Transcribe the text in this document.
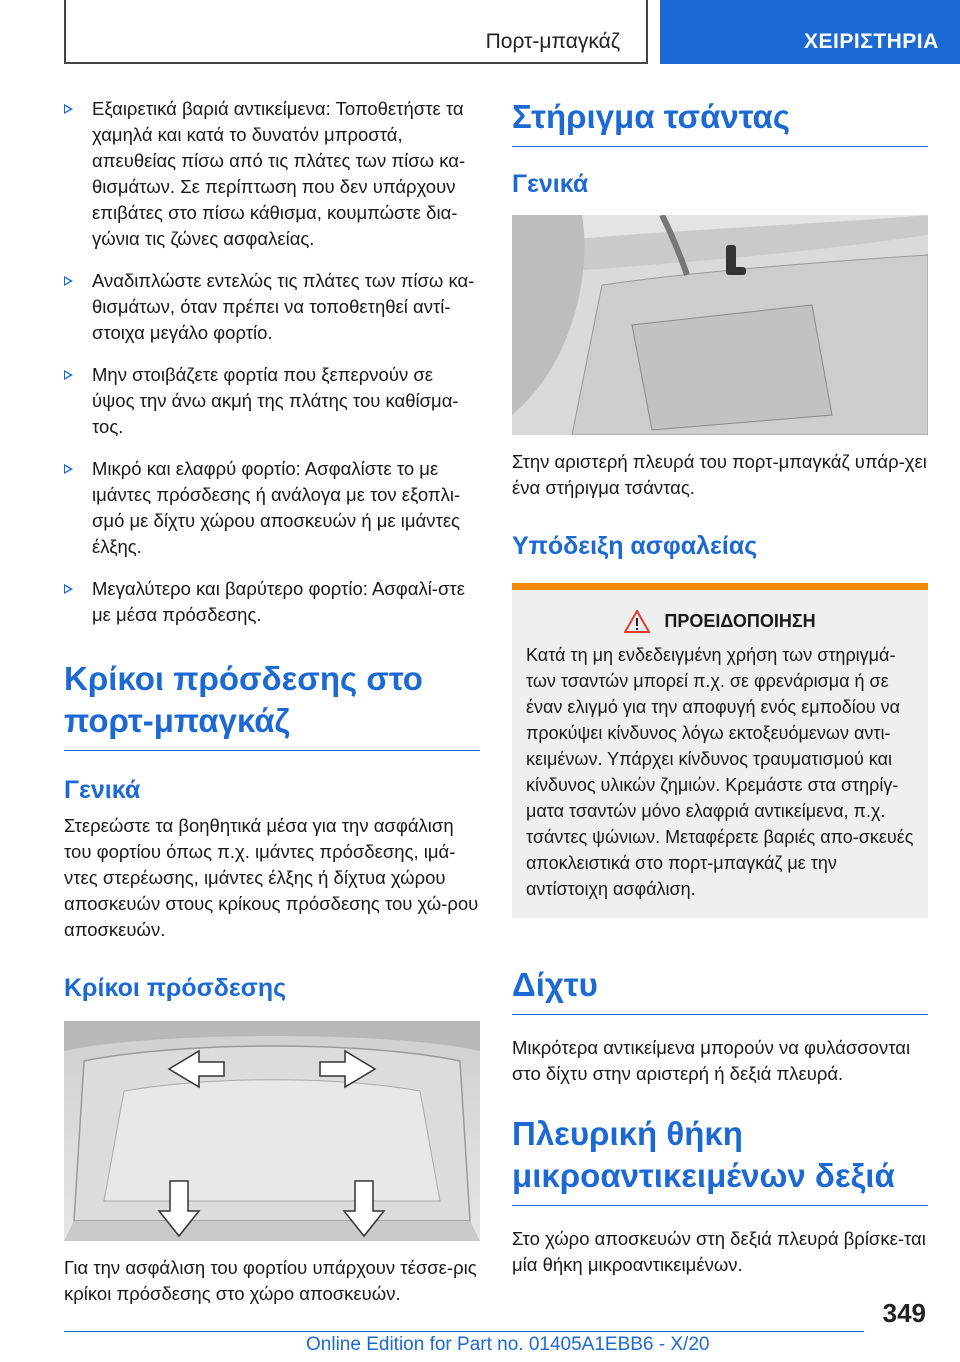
Πορτ-μπαγκάζ	ΧΕΙΡΙΣΤΗΡΙΑ
Εξαιρετικά βαριά αντικείμενα: Τοποθετήστε τα χαμηλά και κατά το δυνατόν μπροστά, απευθείας πίσω από τις πλάτες των πίσω κα-θισμάτων. Σε περίπτωση που δεν υπάρχουν επιβάτες στο πίσω κάθισμα, κουμπώστε δια-γώνια τις ζώνες ασφαλείας.
Αναδιπλώστε εντελώς τις πλάτες των πίσω κα-θισμάτων, όταν πρέπει να τοποθετηθεί αντί-στοιχα μεγάλο φορτίο.
Μην στοιβάζετε φορτία που ξεπερνούν σε ύψος την άνω ακμή της πλάτης του καθίσμα-τος.
Μικρό και ελαφρύ φορτίο: Ασφαλίστε το με ιμάντες πρόσδεσης ή ανάλογα με τον εξοπλι-σμό με δίχτυ χώρου αποσκευών ή με ιμάντες έλξης.
Μεγαλύτερο και βαρύτερο φορτίο: Ασφαλί-στε με μέσα πρόσδεσης.
Κρίκοι πρόσδεσης στο πορτ-μπαγκάζ
Γενικά

Στερεώστε τα βοηθητικά μέσα για την ασφάλιση του φορτίου όπως π.χ. ιμάντες πρόσδεσης, ιμά-ντες στερέωσης, ιμάντες έλξης ή δίχτυα χώρου αποσκευών στους κρίκους πρόσδεσης του χώ-ρου αποσκευών.

Κρίκοι πρόσδεσης

Για την ασφάλιση του φορτίου υπάρχουν τέσσε-ρις κρίκοι πρόσδεσης στο χώρο αποσκευών.

Στήριγμα τσάντας
Γενικά

Στην αριστερή πλευρά του πορτ-μπαγκάζ υπάρ-χει ένα στήριγμα τσάντας.

Υπόδειξη ασφαλείας
ΠΡΟΕΙΔΟΠΟΙΗΣΗ
Κατά τη μη ενδεδειγμένη χρήση των στηριγμά-των τσαντών μπορεί π.χ. σε φρενάρισμα ή σε έναν ελιγμό για την αποφυγή ενός εμποδίου να προκύψει κίνδυνος λόγω εκτοξευόμενων αντι-κειμένων. Υπάρχει κίνδυνος τραυματισμού και κίνδυνος υλικών ζημιών. Κρεμάστε στα στηρίγ-ματα τσαντών μόνο ελαφριά αντικείμενα, π.χ. τσάντες ψώνιων. Μεταφέρετε βαριές απο-σκευές αποκλειστικά στο πορτ-μπαγκάζ με την αντίστοιχη ασφάλιση.
Δίχτυ

Μικρότερα αντικείμενα μπορούν να φυλάσσονται στο δίχτυ στην αριστερή ή δεξιά πλευρά.

Πλευρική θήκη μικροαντικειμένων δεξιά

Στο χώρο αποσκευών στη δεξιά πλευρά βρίσκε-ται μία θήκη μικροαντικειμένων.

349
Online Edition for Part no. 01405A1EBB6 - X/20
